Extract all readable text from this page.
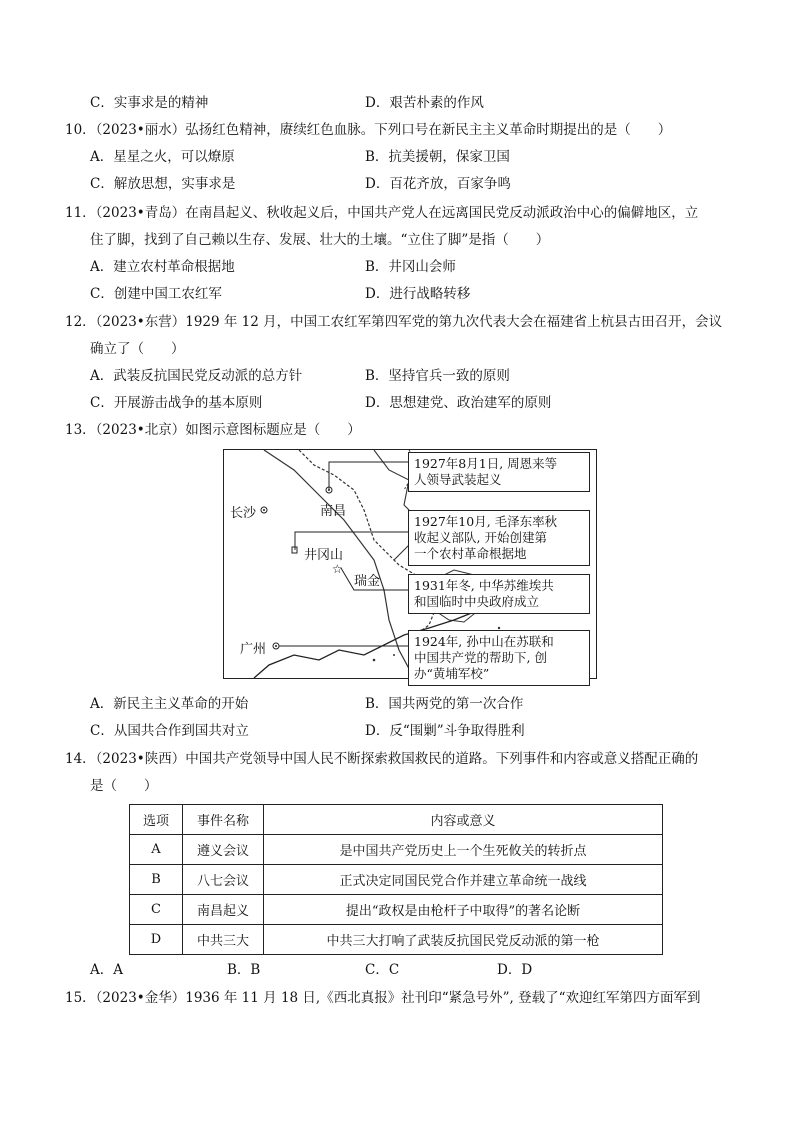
C．实事求是的精神	D．艰苦朴素的作风
10．（2023•丽水）弘扬红色精神，赓续红色血脉。下列口号在新民主主义革命时期提出的是（　　）
A．星星之火，可以燎原	B．抗美援朝，保家卫国
C．解放思想，实事求是	D．百花齐放，百家争鸣
11．（2023•青岛）在南昌起义、秋收起义后，中国共产党人在远离国民党反动派政治中心的偏僻地区，立
住了脚，找到了自己赖以生存、发展、壮大的土壤。“立住了脚”是指（　　）
A．建立农村革命根据地	B．井冈山会师
C．创建中国工农红军	D．进行战略转移
12．（2023•东营）1929 年 12 月，中国工农红军第四军党的第九次代表大会在福建省上杭县古田召开，会议
确立了（　　）
A．武装反抗国民党反动派的总方针	B．坚持官兵一致的原则
C．开展游击战争的基本原则	D．思想建党、政治建军的原则
13．（2023•北京）如图示意图标题应是（　　）
☆
长沙	南昌
井冈山
瑞金
广州
1927年8月1日, 周恩来等
人领导武装起义
1927年10月, 毛泽东率秋
收起义部队, 开始创建第
一个农村革命根据地
1931年冬, 中华苏维埃共
和国临时中央政府成立
1924年, 孙中山在苏联和
中国共产党的帮助下, 创
办“黄埔军校”
A．新民主主义革命的开始	B．国共两党的第一次合作
C．从国共合作到国共对立	D．反“围剿”斗争取得胜利
14．（2023•陕西）中国共产党领导中国人民不断探索救国救民的道路。下列事件和内容或意义搭配正确的
是（　　）
选项	事件名称	内容或意义
A	遵义会议	是中国共产党历史上一个生死攸关的转折点
B	八七会议	正式决定同国民党合作并建立革命统一战线
C	南昌起义	提出“政权是由枪杆子中取得”的著名论断
D	中共三大	中共三大打响了武装反抗国民党反动派的第一枪
A．A	B．B	C．C	D．D
15．（2023•金华）1936 年 11 月 18 日,《西北真报》社刊印“紧急号外”, 登载了“欢迎红军第四方面军到
